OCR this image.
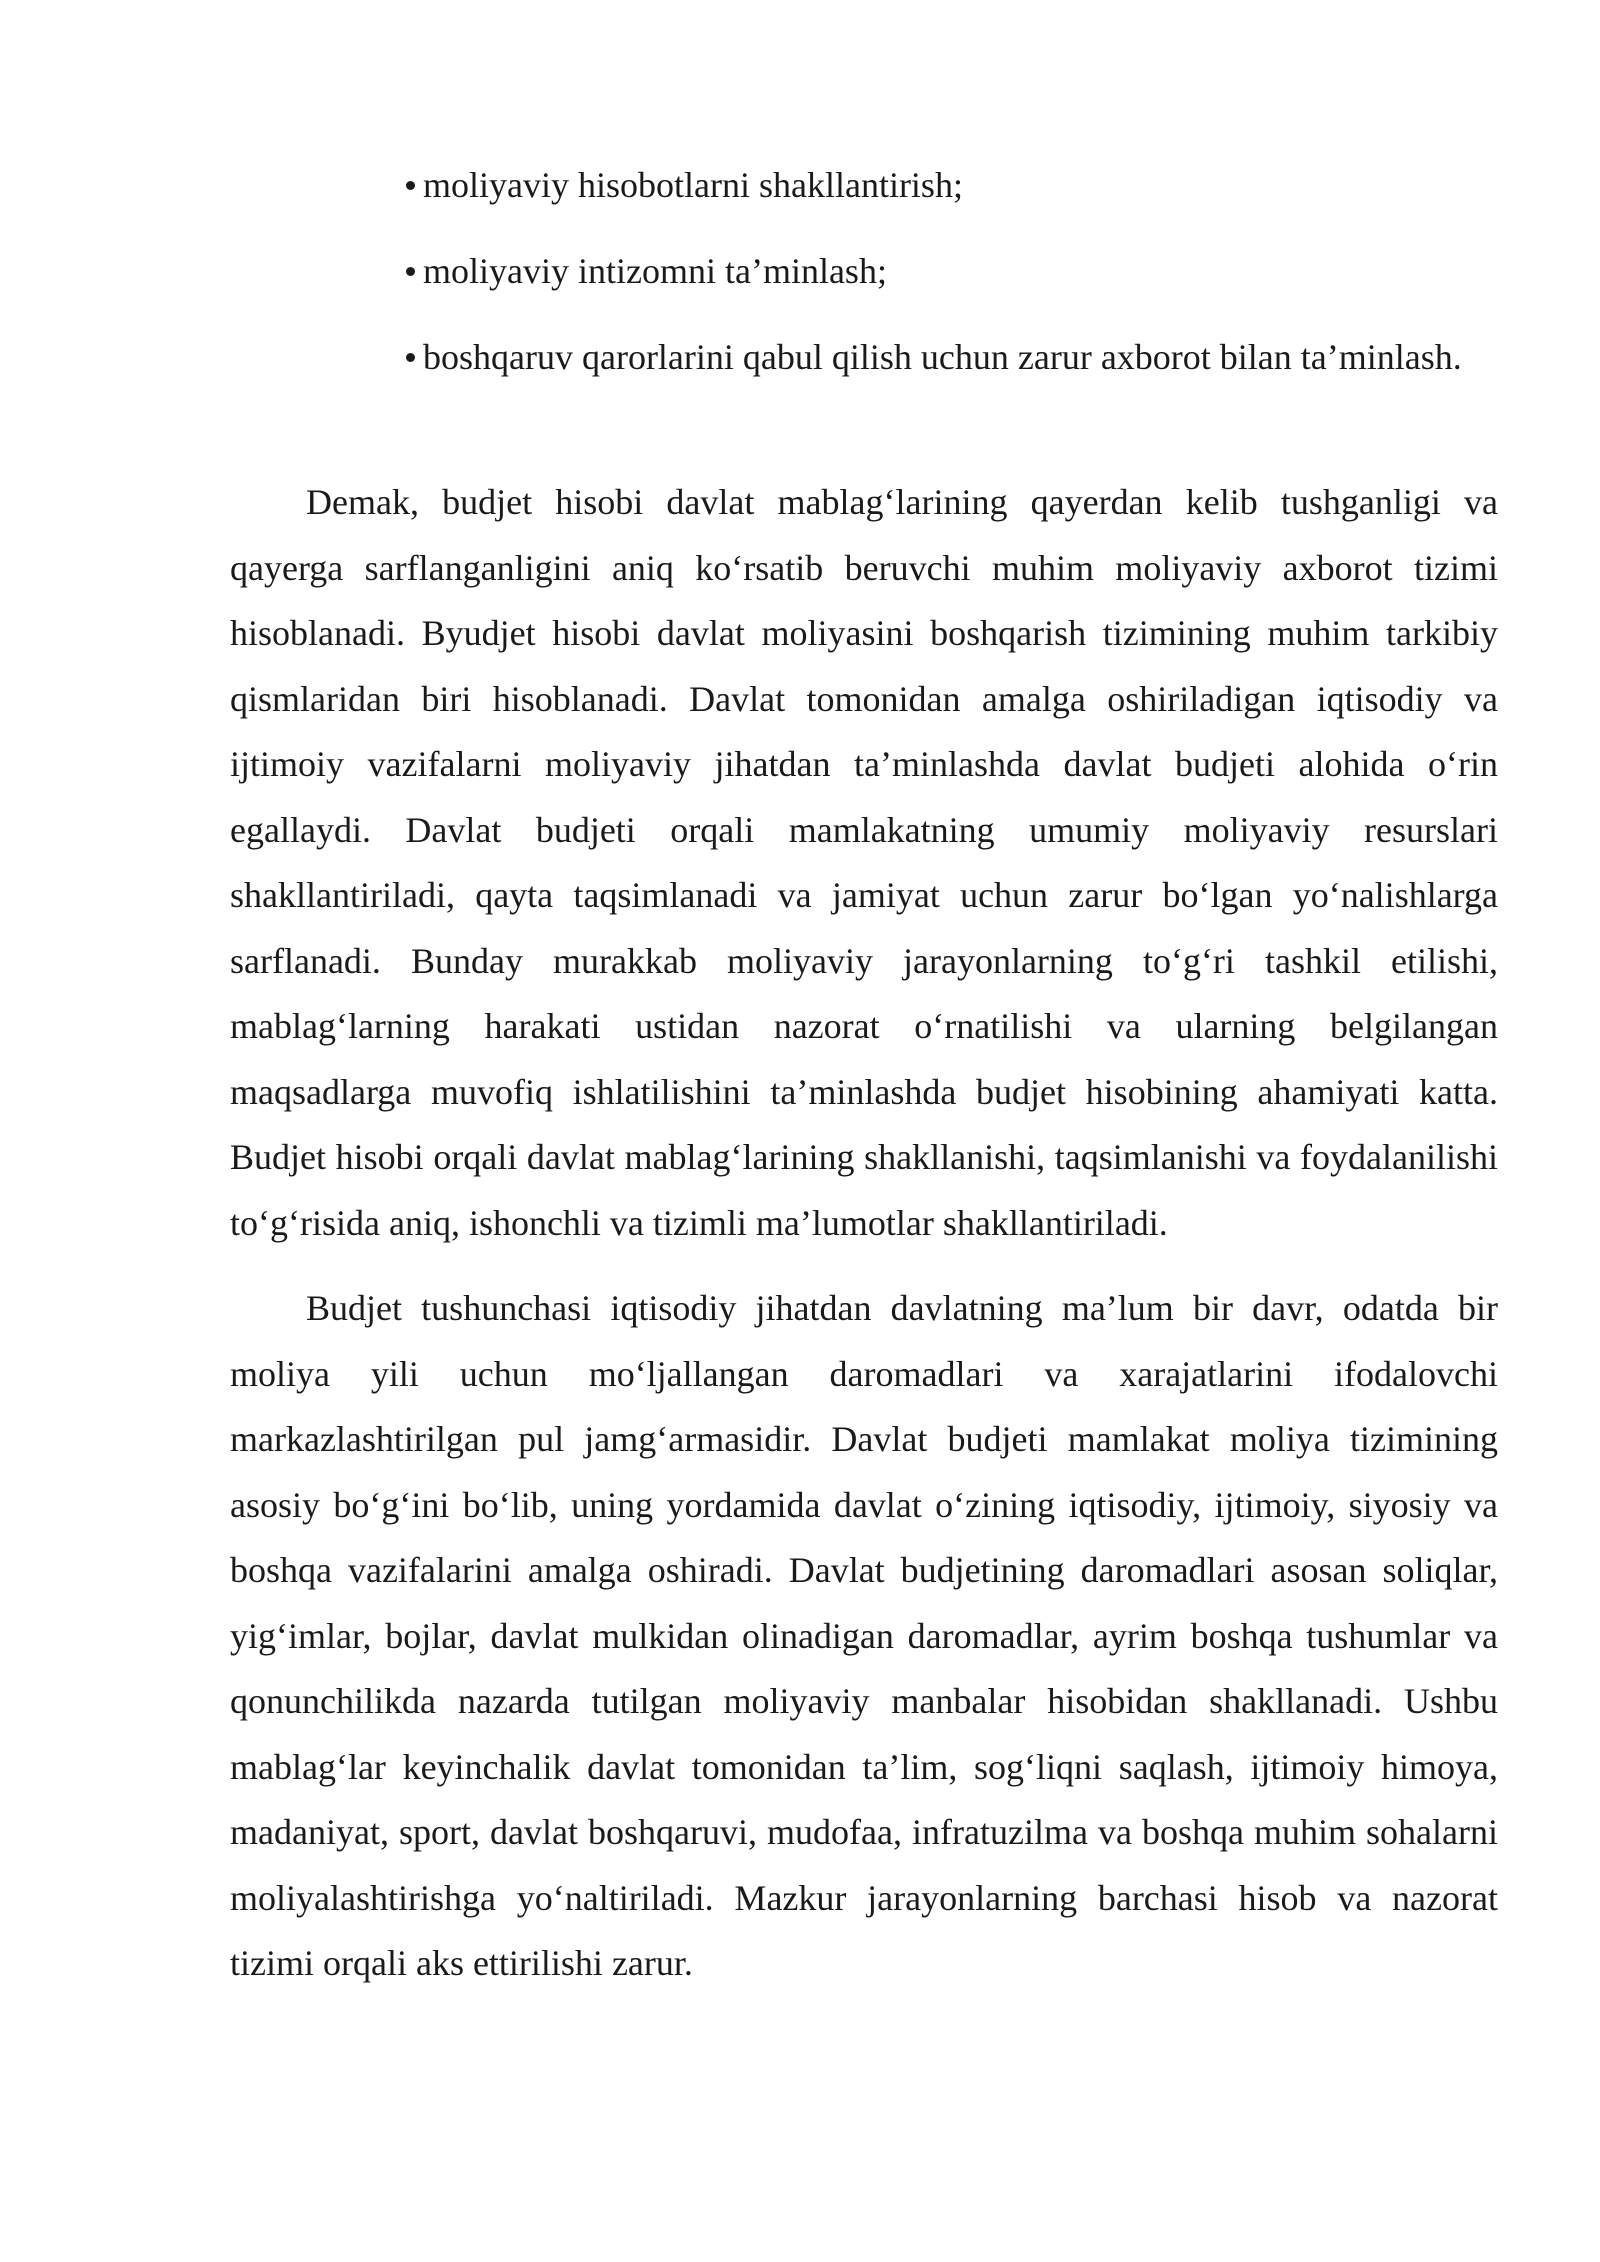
moliyaviy hisobotlarni shakllantirish;
moliyaviy intizomni ta’minlash;
boshqaruv qarorlarini qabul qilish uchun zarur axborot bilan ta’minlash.

Demak, budjet hisobi davlat mablag‘larining qayerdan kelib tushganligi va qayerga sarflanganligini aniq ko‘rsatib beruvchi muhim moliyaviy axborot tizimi hisoblanadi. Byudjet hisobi davlat moliyasini boshqarish tizimining muhim tarkibiy qismlaridan biri hisoblanadi. Davlat tomonidan amalga oshiriladigan iqtisodiy va ijtimoiy vazifalarni moliyaviy jihatdan ta’minlashda davlat budjeti alohida o‘rin egallaydi. Davlat budjeti orqali mamlakatning umumiy moliyaviy resurslari shakllantiriladi, qayta taqsimlanadi va jamiyat uchun zarur bo‘lgan yo‘nalishlarga sarflanadi. Bunday murakkab moliyaviy jarayonlarning to‘g‘ri tashkil etilishi, mablag‘larning harakati ustidan nazorat o‘rnatilishi va ularning belgilangan maqsadlarga muvofiq ishlatilishini ta’minlashda budjet hisobining ahamiyati katta. Budjet hisobi orqali davlat mablag‘larining shakllanishi, taqsimlanishi va foydalanilishi to‘g‘risida aniq, ishonchli va tizimli ma’lumotlar shakllantiriladi.

Budjet tushunchasi iqtisodiy jihatdan davlatning ma’lum bir davr, odatda bir moliya yili uchun mo‘ljallangan daromadlari va xarajatlarini ifodalovchi markazlashtirilgan pul jamg‘armasidir. Davlat budjeti mamlakat moliya tizimining asosiy bo‘g‘ini bo‘lib, uning yordamida davlat o‘zining iqtisodiy, ijtimoiy, siyosiy va boshqa vazifalarini amalga oshiradi. Davlat budjetining daromadlari asosan soliqlar, yig‘imlar, bojlar, davlat mulkidan olinadigan daromadlar, ayrim boshqa tushumlar va qonunchilikda nazarda tutilgan moliyaviy manbalar hisobidan shakllanadi. Ushbu mablag‘lar keyinchalik davlat tomonidan ta’lim, sog‘liqni saqlash, ijtimoiy himoya, madaniyat, sport, davlat boshqaruvi, mudofaa, infratuzilma va boshqa muhim sohalarni moliyalashtirishga yo‘naltiriladi. Mazkur jarayonlarning barchasi hisob va nazorat tizimi orqali aks ettirilishi zarur.
